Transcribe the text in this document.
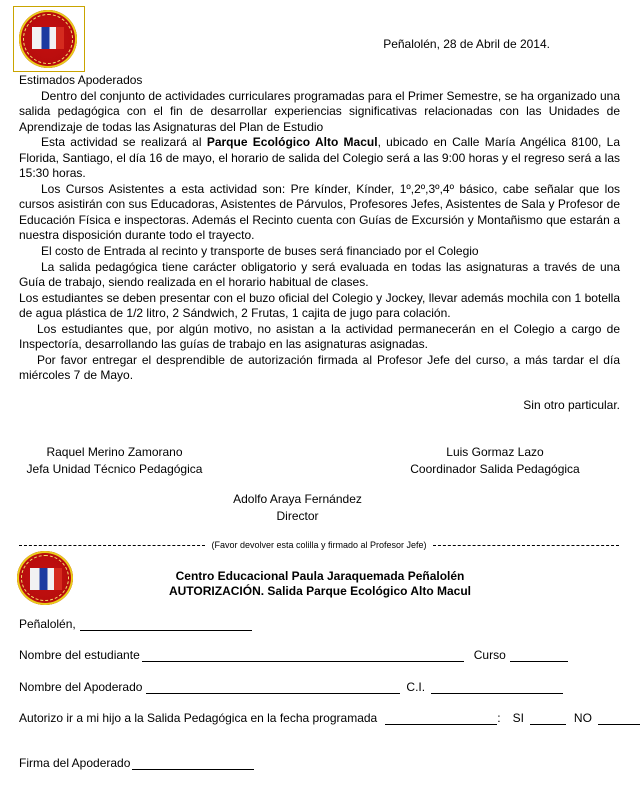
Peñalolén, 28 de Abril de 2014.

Estimados Apoderados

Dentro del conjunto de actividades curriculares programadas para el Primer Semestre, se ha organizado una salida pedagógica con el fin de desarrollar experiencias significativas relacionadas con las Unidades de Aprendizaje de todas las Asignaturas del Plan de Estudio

Esta actividad se realizará al Parque Ecológico Alto Macul, ubicado en Calle María Angélica 8100, La Florida, Santiago, el día 16 de mayo, el horario de salida del Colegio será a las 9:00 horas y el regreso será a las 15:30 horas.

Los Cursos Asistentes a esta actividad son: Pre kínder, Kínder, 1º,2º,3º,4º básico, cabe señalar que los cursos asistirán con sus Educadoras, Asistentes de Párvulos, Profesores Jefes, Asistentes de Sala y Profesor de Educación Física e inspectoras. Además el Recinto cuenta con Guías de Excursión y Montañismo que estarán a nuestra disposición durante todo el trayecto.

El costo de Entrada al recinto y transporte de buses será financiado por el Colegio

La salida pedagógica tiene carácter obligatorio y será evaluada en todas las asignaturas a través de una Guía de trabajo, siendo realizada en el horario habitual de clases.

Los estudiantes se deben presentar con el buzo oficial del Colegio y Jockey, llevar además mochila con 1 botella de agua plástica de 1/2 litro, 2 Sándwich, 2 Frutas, 1 cajita de jugo para colación.

Los estudiantes que, por algún motivo, no asistan a la actividad permanecerán en el Colegio a cargo de Inspectoría, desarrollando las guías de trabajo en las asignaturas asignadas.

Por favor entregar el desprendible de autorización firmada al Profesor Jefe del curso, a más tardar el día miércoles 7 de Mayo.

Sin otro particular.
Raquel Merino Zamorano
Jefa Unidad Técnico Pedagógica
Luis Gormaz Lazo
Coordinador Salida Pedagógica
Adolfo Araya Fernández
Director
(Favor devolver esta colilla y firmado al Profesor Jefe)
Centro Educacional Paula Jaraquemada Peñalolén
AUTORIZACIÓN. Salida Parque Ecológico Alto Macul
Peñalolén,
Nombre del estudiante	Curso
Nombre del Apoderado	C.I.
Autorizo ir a mi hijo a la Salida Pedagógica en la fecha programada	: SI	NO
Firma del Apoderado
